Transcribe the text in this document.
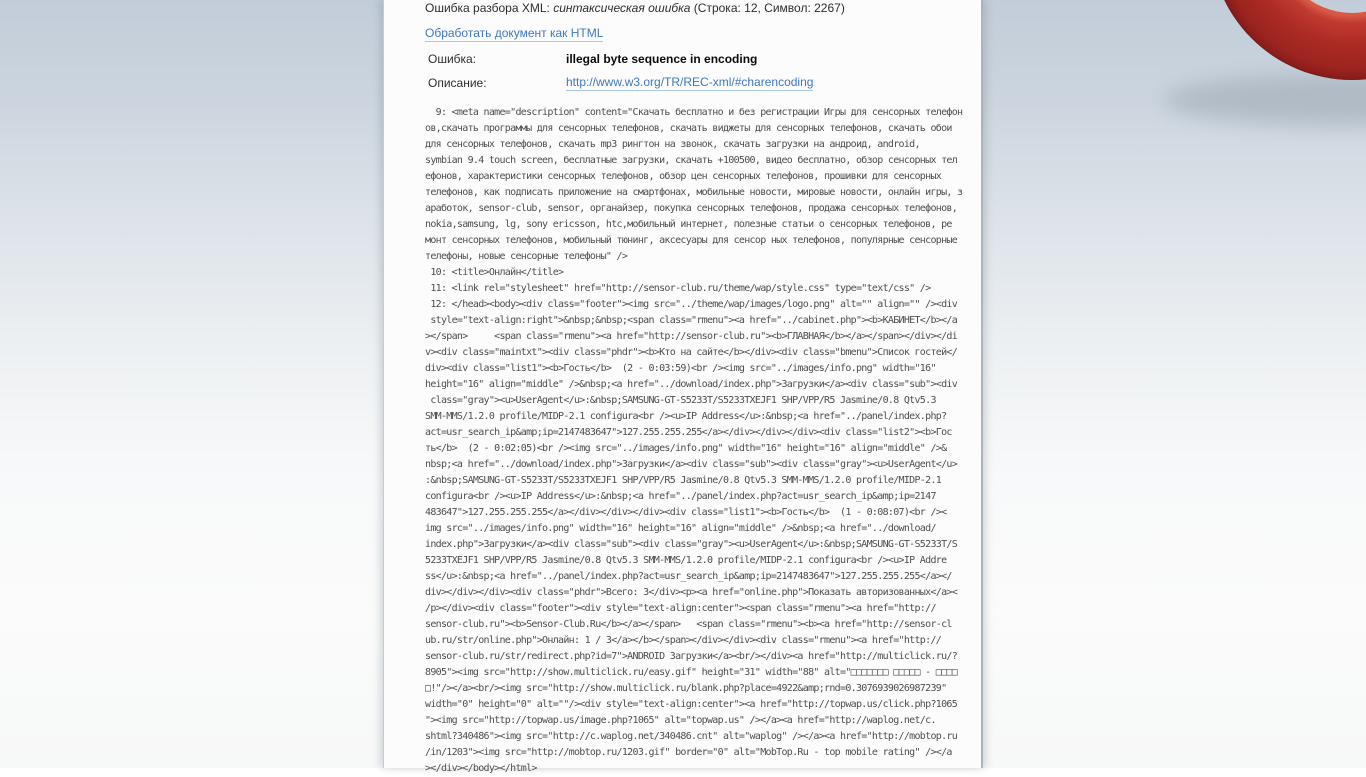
Ошибка разбора XML: синтаксическая ошибка (Строка: 12, Символ: 2267)
Обработать документ как HTML
Ошибка:	illegal byte sequence in encoding
Описание:	http://www.w3.org/TR/REC-xml/#charencoding
9: <meta name="description" content="Скачать бесплатно и без регистрации Игры для сенсорных телефон
ов,скачать программы для сенсорных телефонов, скачать виджеты для сенсорных телефонов, скачать обои
для сенсорных телефонов, скачать mp3 рингтон на звонок, скачать загрузки на андроид, android,
symbian 9.4 touch screen, бесплатные загрузки, скачать +100500, видео бесплатно, обзор сенсорных тел
ефонов, характеристики сенсорных телефонов, обзор цен сенсорных телефонов, прошивки для сенсорных
телефонов, как подписать приложение на смартфонах, мобильные новости, мировые новости, онлайн игры, з
аработок, sensor-club, sensor, органайзер, покупка сенсорных телефонов, продажа сенсорных телефонов,
nokia,samsung, lg, sony ericsson, htc,мобильный интернет, полезные статьи о сенсорных телефонов, ре
монт сенсорных телефонов, мобильный тюнинг, аксесуары для сенсор ных телефонов, популярные сенсорные
телефоны, новые сенсорные телефоны" />
10: <title>Онлайн</title>
11: <link rel="stylesheet" href="http://sensor-club.ru/theme/wap/style.css" type="text/css" />
12: </head><body><div class="footer"><img src="../theme/wap/images/logo.png" alt="" align="" /><div
style="text-align:right">&nbsp;&nbsp;<span class="rmenu"><a href="../cabinet.php"><b>КАБИНЕТ</b></a
></span>     <span class="rmenu"><a href="http://sensor-club.ru"><b>ГЛАВНАЯ</b></a></span></div></di
v><div class="maintxt"><div class="phdr"><b>Кто на сайте</b></div><div class="bmenu">Список гостей</
div><div class="list1"><b>Гость</b>  (2 - 0:03:59)<br /><img src="../images/info.png" width="16"
height="16" align="middle" />&nbsp;<a href="../download/index.php">Загрузки</a><div class="sub"><div
class="gray"><u>UserAgent</u>:&nbsp;SAMSUNG-GT-S5233T/S5233TXEJF1 SHP/VPP/R5 Jasmine/0.8 Qtv5.3
SMM-MMS/1.2.0 profile/MIDP-2.1 configura<br /><u>IP Address</u>:&nbsp;<a href="../panel/index.php?
act=usr_search_ip&amp;ip=2147483647">127.255.255.255</a></div></div></div><div class="list2"><b>Гос
ть</b>  (2 - 0:02:05)<br /><img src="../images/info.png" width="16" height="16" align="middle" />&
nbsp;<a href="../download/index.php">Загрузки</a><div class="sub"><div class="gray"><u>UserAgent</u>
:&nbsp;SAMSUNG-GT-S5233T/S5233TXEJF1 SHP/VPP/R5 Jasmine/0.8 Qtv5.3 SMM-MMS/1.2.0 profile/MIDP-2.1
configura<br /><u>IP Address</u>:&nbsp;<a href="../panel/index.php?act=usr_search_ip&amp;ip=2147
483647">127.255.255.255</a></div></div></div><div class="list1"><b>Гость</b>  (1 - 0:08:07)<br /><
img src="../images/info.png" width="16" height="16" align="middle" />&nbsp;<a href="../download/
index.php">Загрузки</a><div class="sub"><div class="gray"><u>UserAgent</u>:&nbsp;SAMSUNG-GT-S5233T/S
5233TXEJF1 SHP/VPP/R5 Jasmine/0.8 Qtv5.3 SMM-MMS/1.2.0 profile/MIDP-2.1 configura<br /><u>IP Addre
ss</u>:&nbsp;<a href="../panel/index.php?act=usr_search_ip&amp;ip=2147483647">127.255.255.255</a></
div></div></div><div class="phdr">Всего: 3</div><p><a href="online.php">Показать авторизованных</a><
/p></div><div class="footer"><div style="text-align:center"><span class="rmenu"><a href="http://
sensor-club.ru"><b>Sensor-Club.Ru</b></a></span>   <span class="rmenu"><b><a href="http://sensor-cl
ub.ru/str/online.php">Онлайн: 1 / 3</a></b></span></div></div><div class="rmenu"><a href="http://
sensor-club.ru/str/redirect.php?id=7">ANDROID Загрузки</a><br/></div><a href="http://multiclick.ru/?
8905"><img src="http://show.multiclick.ru/easy.gif" height="31" width="88" alt="□□□□□□□ □□□□□ - □□□□
□!"/></a><br/><img src="http://show.multiclick.ru/blank.php?place=4922&amp;rnd=0.3076939026987239"
width="0" height="0" alt=""/><div style="text-align:center"><a href="http://topwap.us/click.php?1065
"><img src="http://topwap.us/image.php?1065" alt="topwap.us" /></a><a href="http://waplog.net/c.
shtml?340486"><img src="http://c.waplog.net/340486.cnt" alt="waplog" /></a><a href="http://mobtop.ru
/in/1203"><img src="http://mobtop.ru/1203.gif" border="0" alt="MobTop.Ru - top mobile rating" /></a
></div></body></html>
